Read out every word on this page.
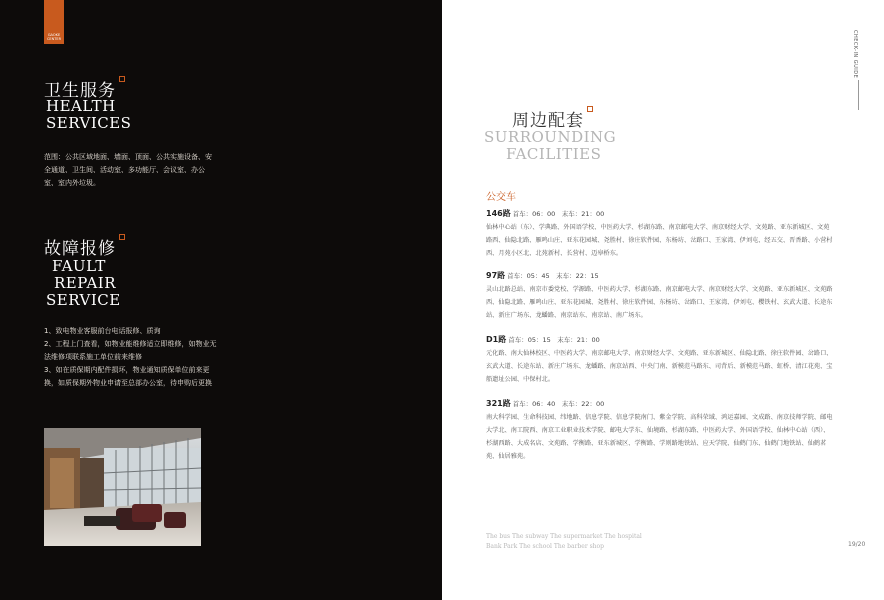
GAOKE
CENTER
卫生服务
HEALTH
SERVICES
范围：公共区域地面、墙面、顶面、公共实施设备、安
全通道、卫生间、活动室、多功能厅、会议室、办公
室、室内外垃圾。
故障报修
FAULT
REPAIR
SERVICE
1、致电物业客服前台电话报修、质询
2、工程上门查看，如物业能维修适立即维修，如物业无
法维修项联系施工单位前来维修
3、如在质保期内配件损坏，物业通知质保单位前来更
换，如质保期外物业申请至总部办公室，待申购后更换
周边配套
SURROUNDING
FACILITIES
公交车
146路 首车：06：00　末车：21：00
仙林中心站（东）、学典路、外国语学校、中医药大学、杉湖东路、南京邮电大学、南京财经大学、文苑路、亚东新城区、文苑
路西、仙隐北路、雁鸣山庄、亚东花园城、尧胜村、徐庄软件园、东杨坊、岔路口、王家湾、伊刘屯、经五交、晋香路、小营村
西、月苑小区北、北苑新村、长营村、迈皋桥东。
97路 首车：05：45　末车：22：15
灵山北路总站、南京市委党校、学源路、中医药大学、杉湖东路、南京邮电大学、南京财经大学、文苑路、亚东新城区、文苑路
西、仙隐北路、雁鸣山庄、亚东花园城、尧胜村、徐庄软件园、东杨坊、岔路口、王家湾、伊刘屯、樱铁村、玄武大道、长途东
站、新庄广场东、龙蟠路、南京站东、南京站、南广场东。
D1路 首车：05：15　末车：21：00
元化路、南大仙林校区、中医药大学、南京邮电大学、南京财经大学、文苑路、亚东新城区、仙隐北路、徐庄软件园、岔路口、
玄武大道、长途东站、新庄广场东、龙蟠路、南京站西、中央门南、新模范马路东、司背后、新模范马路、虹桥、清江花苑、宝
船遗址公园、中保村北。
321路 首车：06：40　末车：22：00
南大科学园、生命科技园、纬地路、信息学院、信息学院南门、紫金学院、高科荣域、鸿运嘉园、文成路、南京技师学院、邮电
大学北、南工院西、南京工业职业技术学院、邮电大学东、仙境路、杉湖东路、中医药大学、外国语学校、仙林中心站（西）、
杉湖西路、大成名店、文苑路、学衡路、亚东新城区、学衡路、学则路地铁站、应天学院、仙鹤门东、仙鹤门地铁站、仙鹤茗
苑、仙居雅苑。
The bus The subway The supermarket The hospital
Bank Park The school The barber shop	19/20
CHECK-IN GUIDE
